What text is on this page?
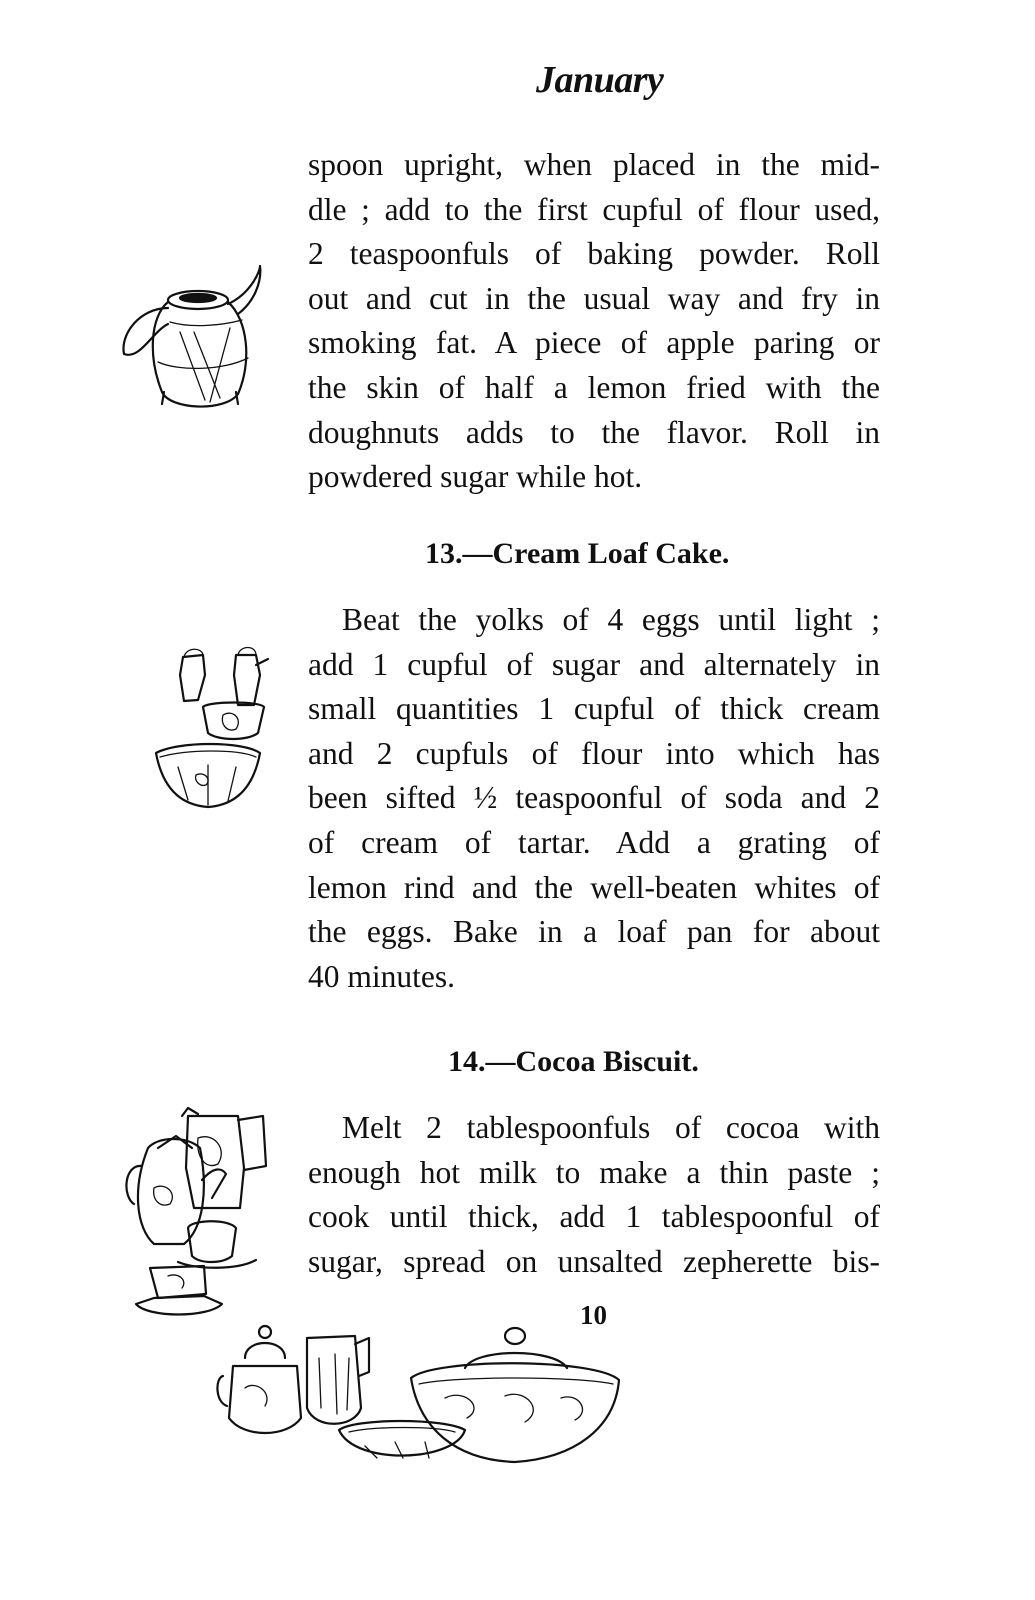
January
spoon upright, when placed in the mid-
dle ; add to the first cupful of flour used,
2 teaspoonfuls of baking powder. Roll
out and cut in the usual way and fry in
smoking fat. A piece of apple paring or
the skin of half a lemon fried with the
doughnuts adds to the flavor. Roll in
powdered sugar while hot.
13.—Cream Loaf Cake.
Beat the yolks of 4 eggs until light ;
add 1 cupful of sugar and alternately in
small quantities 1 cupful of thick cream
and 2 cupfuls of flour into which has
been sifted ½ teaspoonful of soda and 2
of cream of tartar. Add a grating of
lemon rind and the well-beaten whites of
the eggs. Bake in a loaf pan for about
40 minutes.
14.—Cocoa Biscuit.
Melt 2 tablespoonfuls of cocoa with
enough hot milk to make a thin paste ;
cook until thick, add 1 tablespoonful of
sugar, spread on unsalted zepherette bis-
10
